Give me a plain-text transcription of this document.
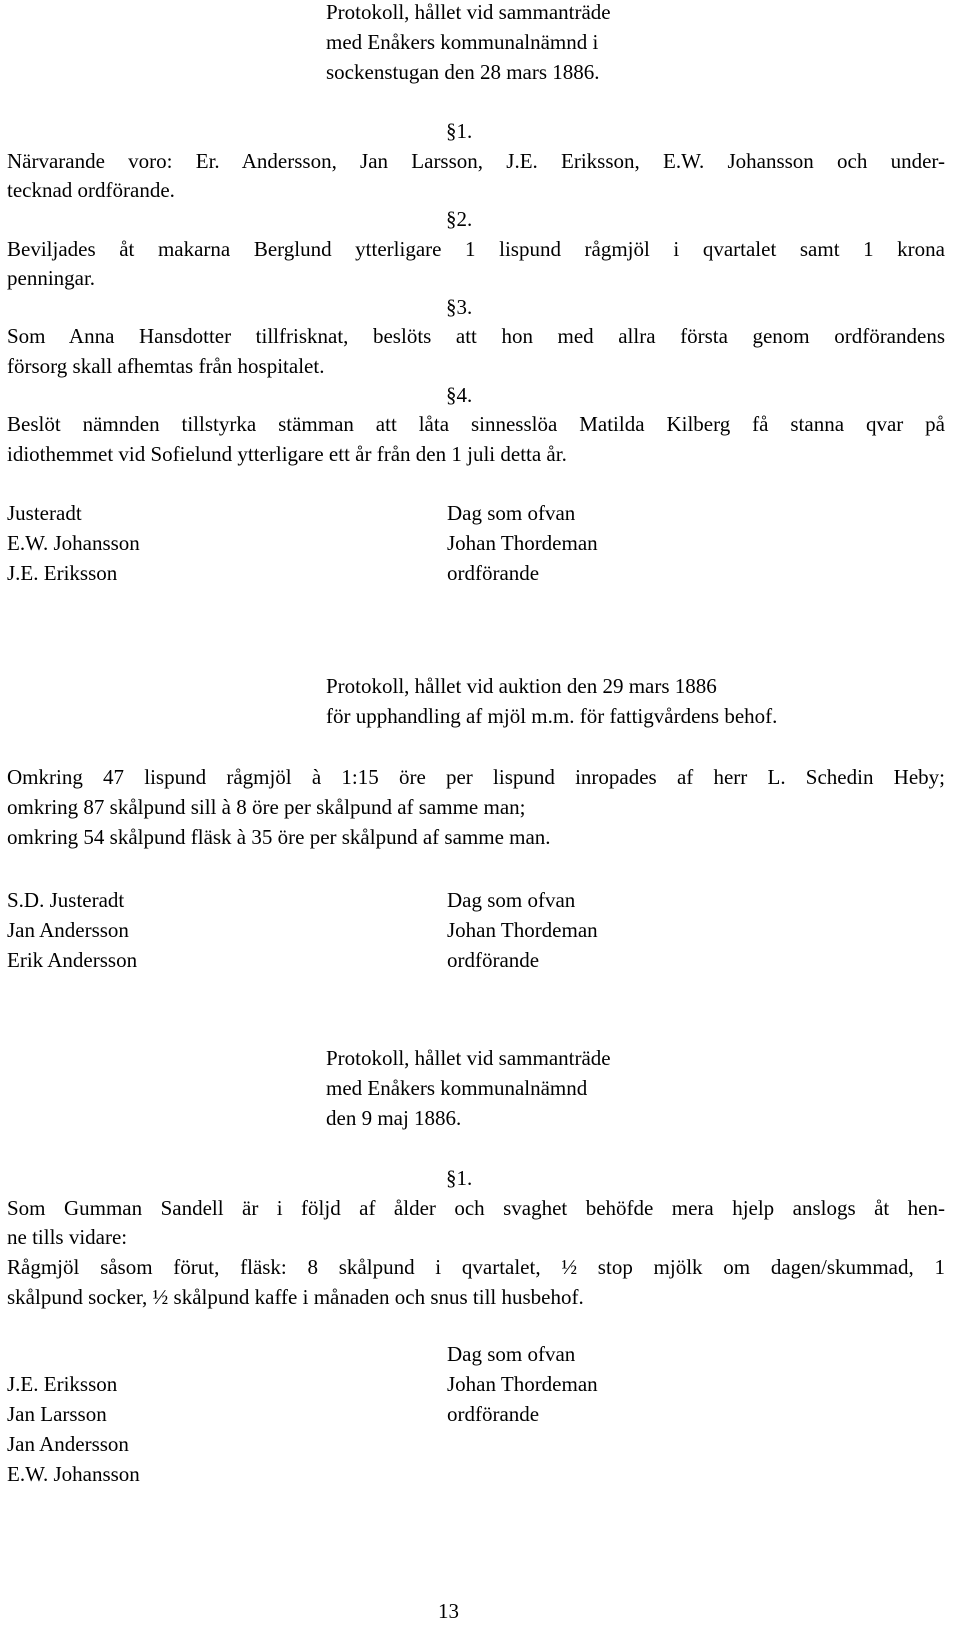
Protokoll, hållet vid sammanträde
med Enåkers kommunalnämnd i
sockenstugan den 28 mars 1886.
§1.
Närvarande voro: Er. Andersson, Jan Larsson, J.E. Eriksson, E.W. Johansson och under-
tecknad ordförande.
§2.
Beviljades åt makarna Berglund ytterligare 1 lispund rågmjöl i qvartalet samt 1 krona
penningar.
§3.
Som Anna Hansdotter tillfrisknat, beslöts att hon med allra första genom ordförandens
försorg skall afhemtas från hospitalet.
§4.
Beslöt nämnden tillstyrka stämman att låta sinnesslöa Matilda Kilberg få stanna qvar på
idiothemmet vid Sofielund ytterligare ett år från den 1 juli detta år.
Justeradt
E.W. Johansson
J.E. Eriksson
Dag som ofvan
Johan Thordeman
ordförande
Protokoll, hållet vid auktion den 29 mars 1886
för upphandling af mjöl m.m. för fattigvårdens behof.
Omkring 47 lispund rågmjöl à 1:15 öre per lispund inropades af herr L. Schedin Heby;
omkring 87 skålpund sill à 8 öre per skålpund af samme man;
omkring 54 skålpund fläsk à 35 öre per skålpund af samme man.
S.D. Justeradt
Jan Andersson
Erik Andersson
Dag som ofvan
Johan Thordeman
ordförande
Protokoll, hållet vid sammanträde
med Enåkers kommunalnämnd
den 9 maj 1886.
§1.
Som Gumman Sandell är i följd af ålder och svaghet behöfde mera hjelp anslogs åt hen-
ne tills vidare:
Rågmjöl såsom förut, fläsk: 8 skålpund i qvartalet, ½ stop mjölk om dagen/skummad, 1
skålpund socker, ½ skålpund kaffe i månaden och snus till husbehof.
Dag som ofvan
Johan Thordeman
ordförande
J.E. Eriksson
Jan Larsson
Jan Andersson
E.W. Johansson
13
